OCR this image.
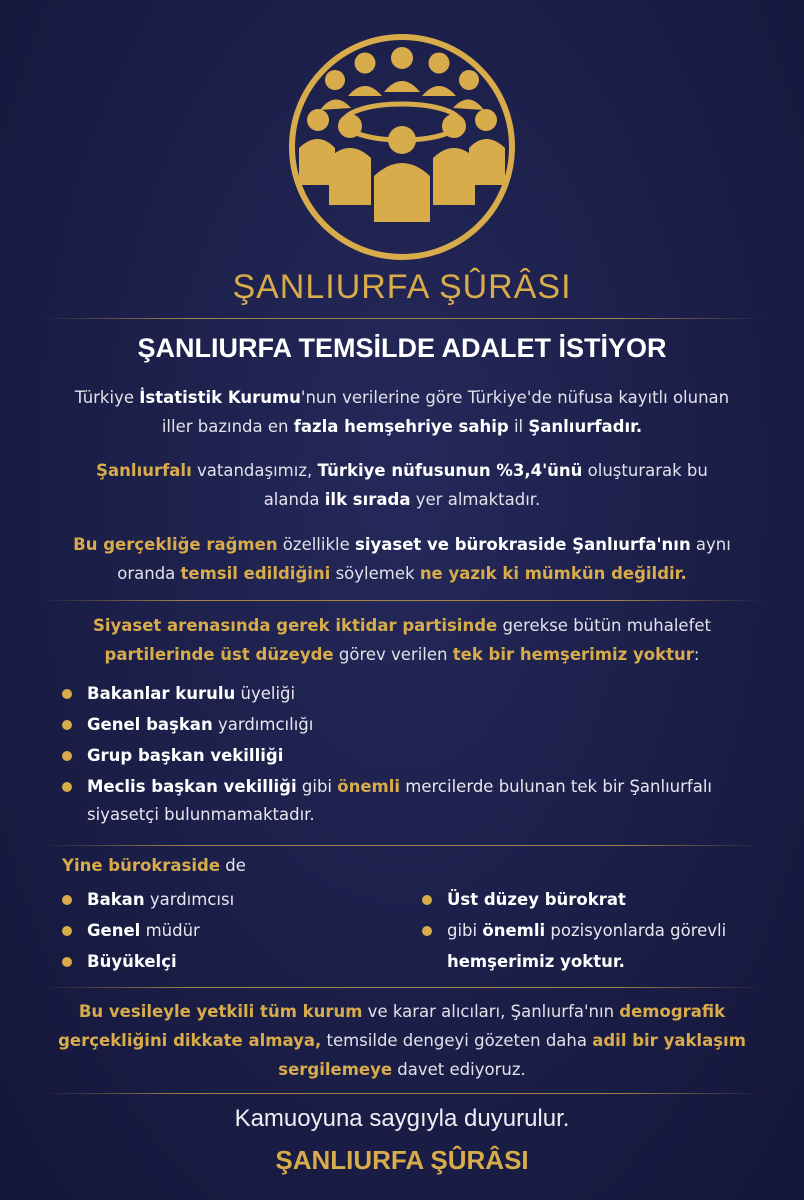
ŞANLIURFA ŞÛRÂSI
ŞANLIURFA TEMSİLDE ADALET İSTİYOR
Türkiye İstatistik Kurumu'nun verilerine göre Türkiye'de nüfusa kayıtlı olunan
iller bazında en fazla hemşehriye sahip il Şanlıurfadır.
Şanlıurfalı vatandaşımız, Türkiye nüfusunun %3,4'ünü oluşturarak bu
alanda ilk sırada yer almaktadır.
Bu gerçekliğe rağmen özellikle siyaset ve bürokraside Şanlıurfa'nın aynı
oranda temsil edildiğini söylemek ne yazık ki mümkün değildir.
Siyaset arenasında gerek iktidar partisinde gerekse bütün muhalefet
partilerinde üst düzeyde görev verilen tek bir hemşerimiz yoktur:
Bakanlar kurulu üyeliği
Genel başkan yardımcılığı
Grup başkan vekilliği
Meclis başkan vekilliği gibi önemli mercilerde bulunan tek bir Şanlıurfalı
siyasetçi bulunmamaktadır.
Yine bürokraside de
Bakan yardımcısı
Genel müdür
Büyükelçi
Üst düzey bürokrat
gibi önemli pozisyonlarda görevli
hemşerimiz yoktur.
Bu vesileyle yetkili tüm kurum ve karar alıcıları, Şanlıurfa'nın demografik
gerçekliğini dikkate almaya, temsilde dengeyi gözeten daha adil bir yaklaşım
sergilemeye davet ediyoruz.
Kamuoyuna saygıyla duyurulur.
ŞANLIURFA ŞÛRÂSI
